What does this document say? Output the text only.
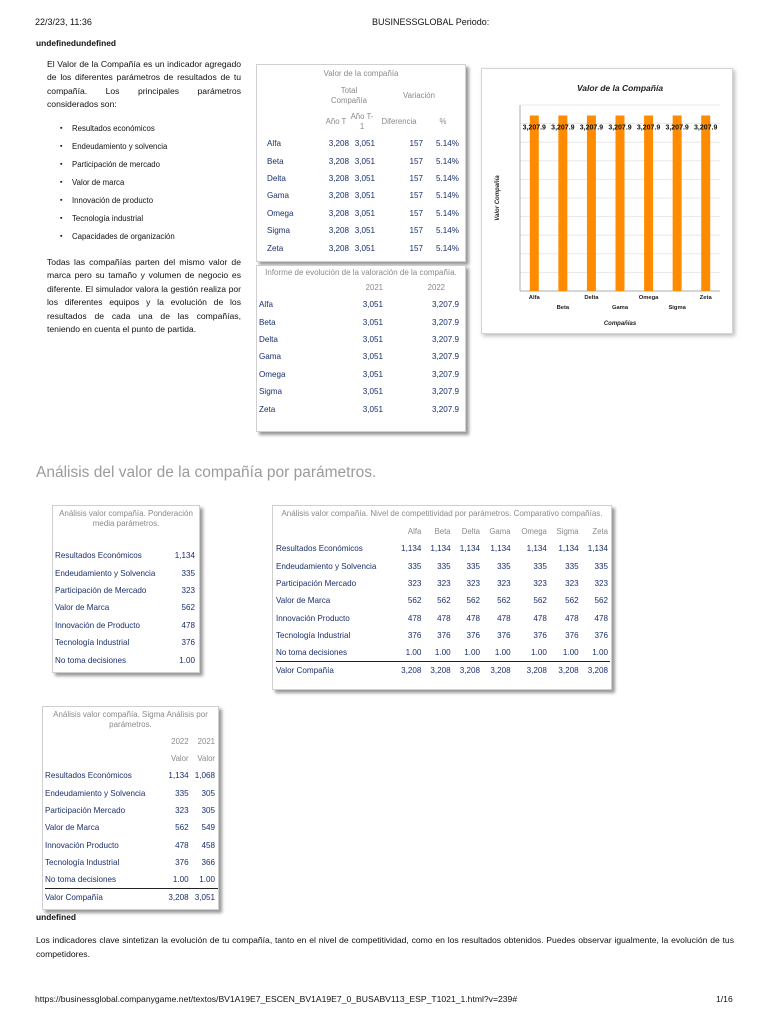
22/3/23, 11:36	BUSINESSGLOBAL Periodo:
undefinedundefined
El Valor de la Compañía es un indicador agregado de los diferentes parámetros de resultados de tu compañía. Los principales parámetros considerados son:
▪ Resultados económicos
▪ Endeudamiento y solvencia
▪ Participación de mercado
▪ Valor de marca
▪ Innovación de producto
▪ Tecnología industrial
▪ Capacidades de organización
Todas las compañías parten del mismo valor de marca pero su tamaño y volumen de negocio es diferente. El simulador valora la gestión realiza por los diferentes equipos y la evolución de los resultados de cada una de las compañías, teniendo en cuenta el punto de partida.
Valor de la compañía
	Total Compañía		Variación	
	Año T	Año T-1	Diferencia	%
Alfa	3,208	3,051	157	5.14%
Beta	3,208	3,051	157	5.14%
Delta	3,208	3,051	157	5.14%
Gama	3,208	3,051	157	5.14%
Omega	3,208	3,051	157	5.14%
Sigma	3,208	3,051	157	5.14%
Zeta	3,208	3,051	157	5.14%
Informe de evolución de la valoración de la compañía.
	2021	2022
Alfa	3,051	3,207.9
Beta	3,051	3,207.9
Delta	3,051	3,207.9
Gama	3,051	3,207.9
Omega	3,051	3,207.9
Sigma	3,051	3,207.9
Zeta	3,051	3,207.9
Valor de la Compañía
3,207.9
Alfa
3,207.9
Beta
3,207.9
Delta
3,207.9
Gama
3,207.9
Omega
3,207.9
Sigma
3,207.9
Zeta
Compañías
Valor Compañía
Análisis del valor de la compañía por parámetros.
Análisis valor compañía. Ponderación media parámetros.
Resultados Económicos	1,134
Endeudamiento y Solvencia	335
Participación de Mercado	323
Valor de Marca	562
Innovación de Producto	478
Tecnología Industrial	376
No toma decisiones	1.00
Análisis valor compañía. Nivel de competitividad por parámetros. Comparativo compañías.
	Alfa	Beta	Delta	Gama	Omega	Sigma	Zeta
Resultados Económicos	1,134	1,134	1,134	1,134	1,134	1,134	1,134
Endeudamiento y Solvencia	335	335	335	335	335	335	335
Participación Mercado	323	323	323	323	323	323	323
Valor de Marca	562	562	562	562	562	562	562
Innovación Producto	478	478	478	478	478	478	478
Tecnología Industrial	376	376	376	376	376	376	376
No toma decisiones	1.00	1.00	1.00	1.00	1.00	1.00	1.00
Valor Compañía	3,208	3,208	3,208	3,208	3,208	3,208	3,208
Análisis valor compañía. Sigma Análisis por parámetros.
	2022	2021
	Valor	Valor
Resultados Económicos	1,134	1,068
Endeudamiento y Solvencia	335	305
Participación Mercado	323	305
Valor de Marca	562	549
Innovación Producto	478	458
Tecnología Industrial	376	366
No toma decisiones	1.00	1.00
Valor Compañía	3,208	3,051
undefined
Los indicadores clave sintetizan la evolución de tu compañía, tanto en el nivel de competitividad, como en los resultados obtenidos. Puedes observar igualmente, la evolución de tus competidores.
https://businessglobal.companygame.net/textos/BV1A19E7_ESCEN_BV1A19E7_0_BUSABV113_ESP_T1021_1.html?v=239#	1/16
